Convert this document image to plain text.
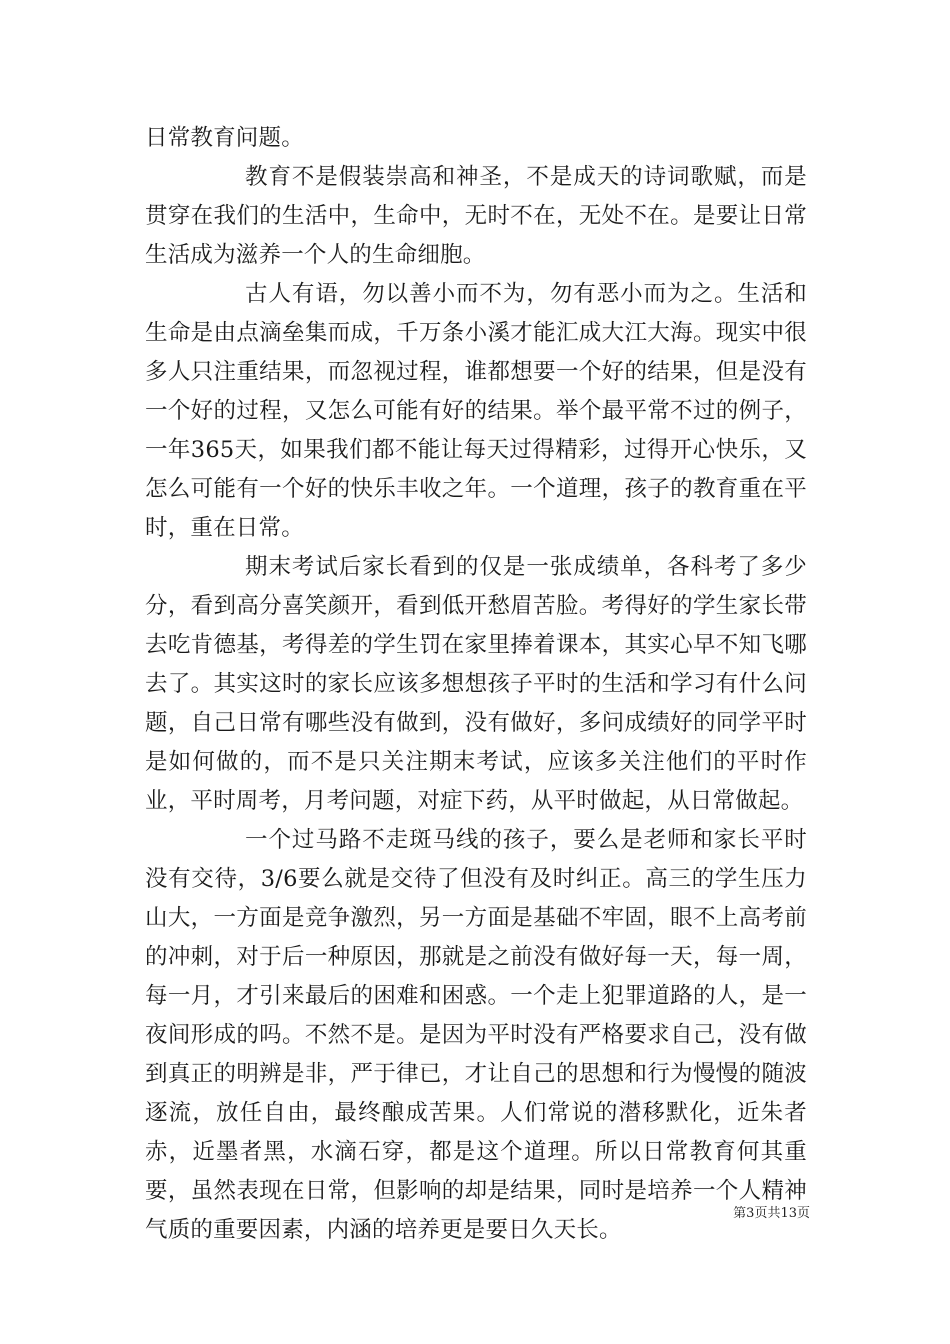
日常教育问题。

教育不是假装崇高和神圣，不是成天的诗词歌赋，而是贯穿在我们的生活中，生命中，无时不在，无处不在。是要让日常生活成为滋养一个人的生命细胞。

古人有语，勿以善小而不为，勿有恶小而为之。生活和生命是由点滴垒集而成，千万条小溪才能汇成大江大海。现实中很多人只注重结果，而忽视过程，谁都想要一个好的结果，但是没有一个好的过程，又怎么可能有好的结果。举个最平常不过的例子，一年365天，如果我们都不能让每天过得精彩，过得开心快乐，又怎么可能有一个好的快乐丰收之年。一个道理，孩子的教育重在平时，重在日常。

期末考试后家长看到的仅是一张成绩单，各科考了多少分，看到高分喜笑颜开，看到低开愁眉苦脸。考得好的学生家长带去吃肯德基，考得差的学生罚在家里捧着课本，其实心早不知飞哪去了。其实这时的家长应该多想想孩子平时的生活和学习有什么问题，自己日常有哪些没有做到，没有做好，多问成绩好的同学平时是如何做的，而不是只关注期末考试，应该多关注他们的平时作业，平时周考，月考问题，对症下药，从平时做起，从日常做起。

一个过马路不走斑马线的孩子，要么是老师和家长平时没有交待，3/6要么就是交待了但没有及时纠正。高三的学生压力山大，一方面是竞争激烈，另一方面是基础不牢固，眼不上高考前的冲刺，对于后一种原因，那就是之前没有做好每一天，每一周，每一月，才引来最后的困难和困惑。一个走上犯罪道路的人，是一夜间形成的吗。不然不是。是因为平时没有严格要求自己，没有做到真正的明辨是非，严于律已，才让自己的思想和行为慢慢的随波逐流，放任自由，最终酿成苦果。人们常说的潜移默化，近朱者赤，近墨者黑，水滴石穿，都是这个道理。所以日常教育何其重要，虽然表现在日常，但影响的却是结果，同时是培养一个人精神气质的重要因素，内涵的培养更是要日久天长。

第3页共13页
